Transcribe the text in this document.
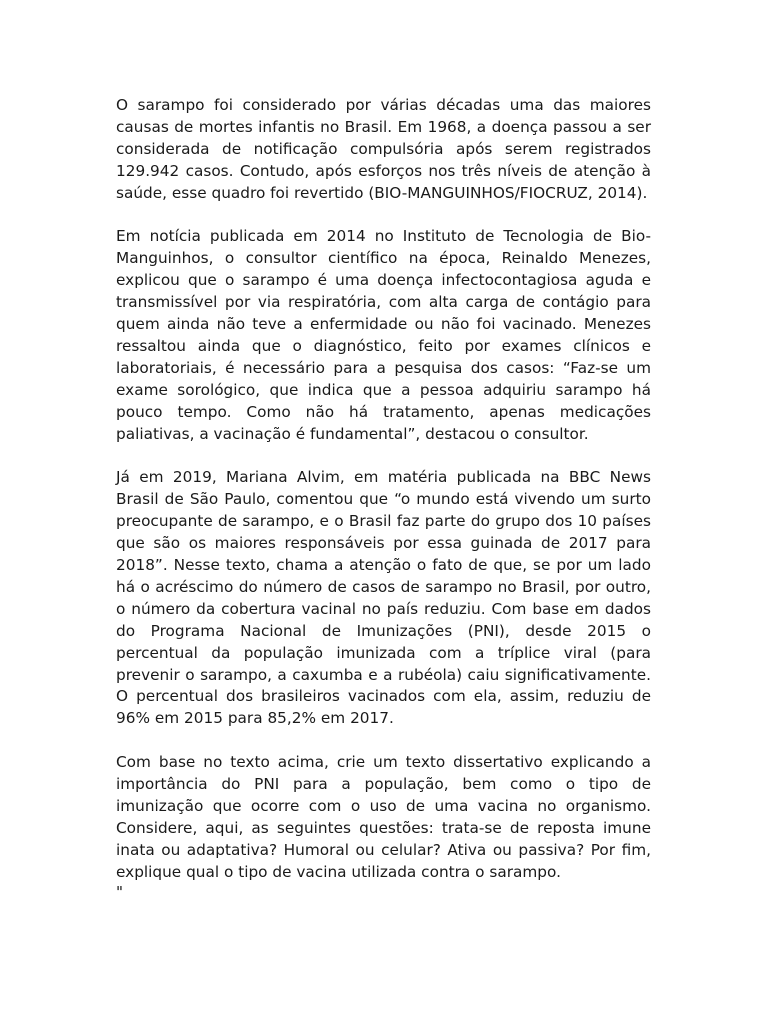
O sarampo foi considerado por várias décadas uma das maiores causas de mortes infantis no Brasil. Em 1968, a doença passou a ser considerada de notificação compulsória após serem registrados 129.942 casos. Contudo, após esforços nos três níveis de atenção à saúde, esse quadro foi revertido (BIO-MANGUINHOS/FIOCRUZ, 2014).

Em notícia publicada em 2014 no Instituto de Tecnologia de Bio-Manguinhos, o consultor científico na época, Reinaldo Menezes, explicou que o sarampo é uma doença infectocontagiosa aguda e transmissível por via respiratória, com alta carga de contágio para quem ainda não teve a enfermidade ou não foi vacinado. Menezes ressaltou ainda que o diagnóstico, feito por exames clínicos e laboratoriais, é necessário para a pesquisa dos casos: “Faz-se um exame sorológico, que indica que a pessoa adquiriu sarampo há pouco tempo. Como não há tratamento, apenas medicações paliativas, a vacinação é fundamental”, destacou o consultor.

Já em 2019, Mariana Alvim, em matéria publicada na BBC News Brasil de São Paulo, comentou que “o mundo está vivendo um surto preocupante de sarampo, e o Brasil faz parte do grupo dos 10 países que são os maiores responsáveis por essa guinada de 2017 para 2018”. Nesse texto, chama a atenção o fato de que, se por um lado há o acréscimo do número de casos de sarampo no Brasil, por outro, o número da cobertura vacinal no país reduziu. Com base em dados do Programa Nacional de Imunizações (PNI), desde 2015 o percentual da população imunizada com a tríplice viral (para prevenir o sarampo, a caxumba e a rubéola) caiu significativamente. O percentual dos brasileiros vacinados com ela, assim, reduziu de 96% em 2015 para 85,2% em 2017.

Com base no texto acima, crie um texto dissertativo explicando a importância do PNI para a população, bem como o tipo de imunização que ocorre com o uso de uma vacina no organismo. Considere, aqui, as seguintes questões: trata-se de reposta imune inata ou adaptativa? Humoral ou celular? Ativa ou passiva? Por fim, explique qual o tipo de vacina utilizada contra o sarampo.

"
